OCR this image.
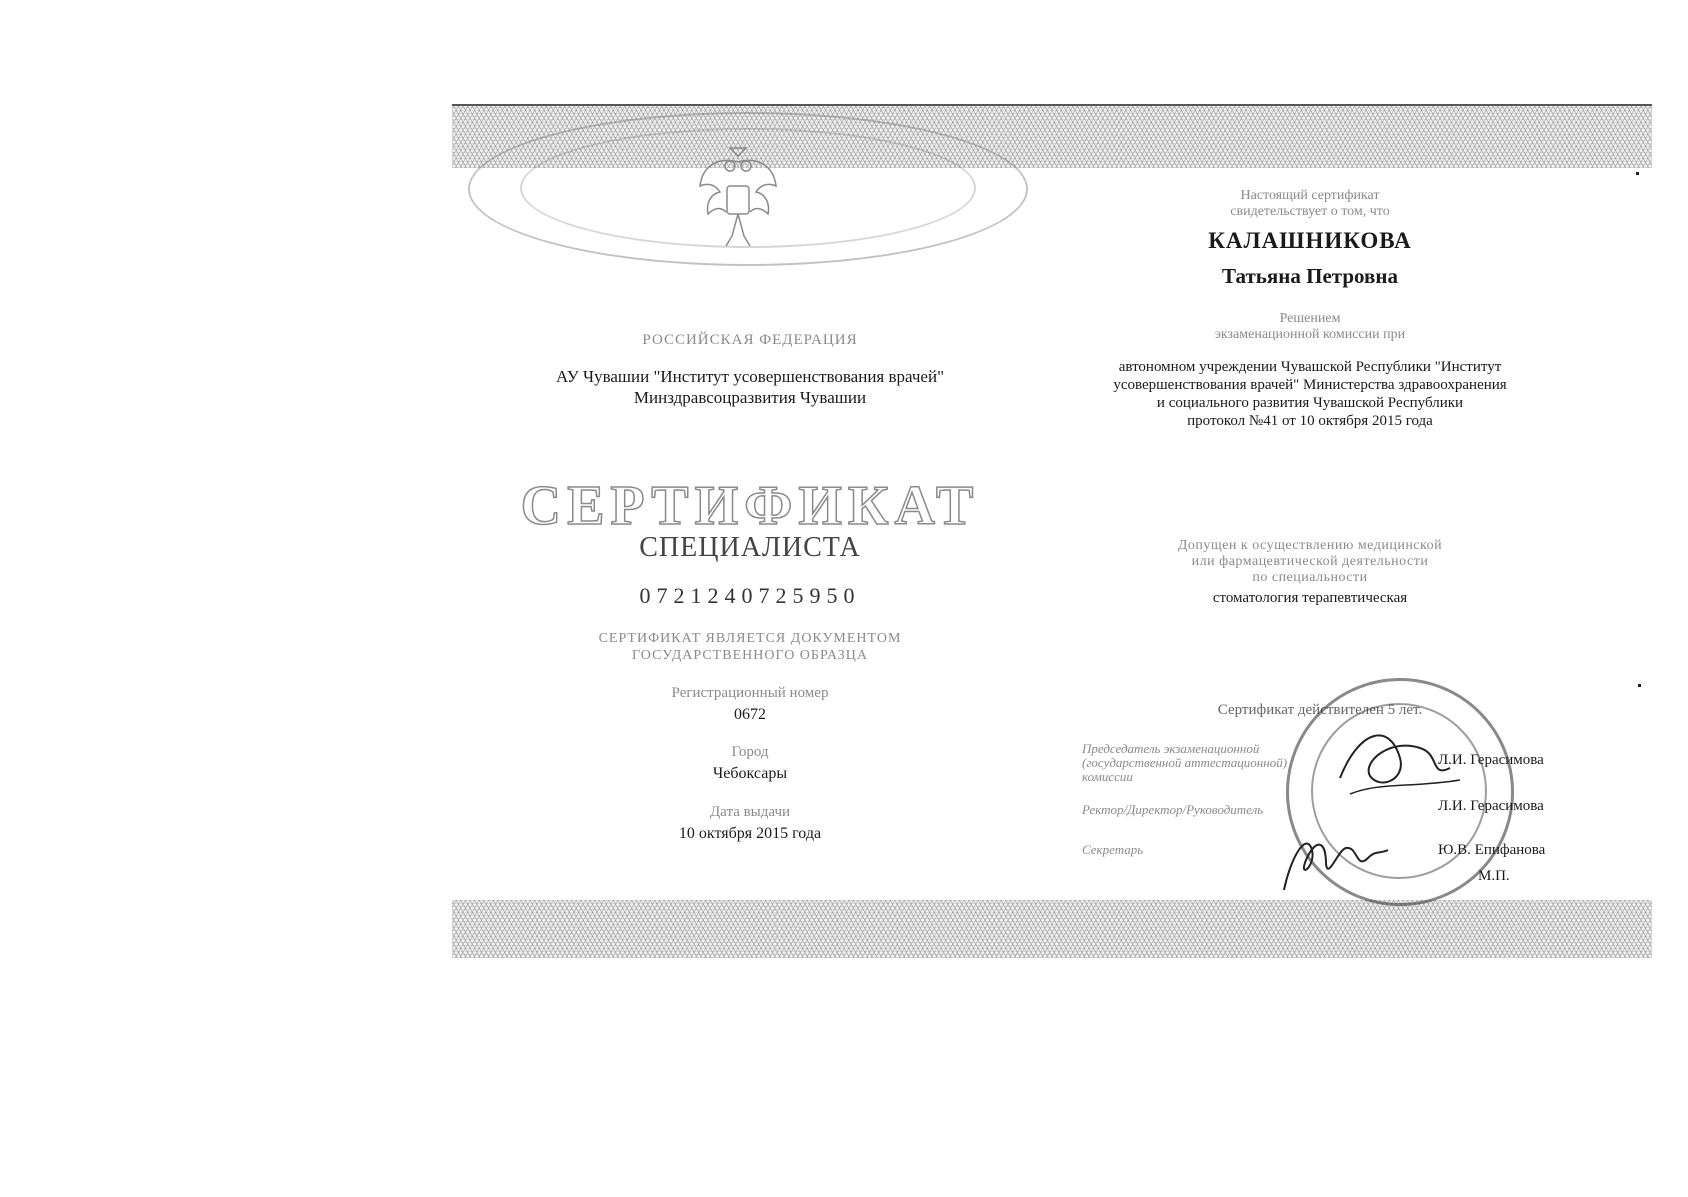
РОССИЙСКАЯ ФЕДЕРАЦИЯ
АУ Чувашии "Институт усовершенствования врачей"
Минздравсоцразвития Чувашии
СЕРТИФИКАТ
СПЕЦИАЛИСТА
0721240725950
СЕРТИФИКАТ ЯВЛЯЕТСЯ ДОКУМЕНТОМ
ГОСУДАРСТВЕННОГО ОБРАЗЦА
Регистрационный номер
0672
Город
Чебоксары
Дата выдачи
10 октября 2015 года
Настоящий сертификат
свидетельствует о том, что
КАЛАШНИКОВА
Татьяна Петровна
Решением
экзаменационной комиссии при
автономном учреждении Чувашской Республики "Институт
усовершенствования врачей" Министерства здравоохранения
и социального развития Чувашской Республики
протокол №41 от 10 октября 2015 года
Допущен к осуществлению медицинской
или фармацевтической деятельности
по специальности
стоматология терапевтическая
Сертификат действителен 5 лет.
Председатель экзаменационной
(государственной аттестационной)
комиссии
Л.И. Герасимова
Ректор/Директор/Руководитель	Л.И. Герасимова
Секретарь	Ю.В. Епифанова
М.П.
